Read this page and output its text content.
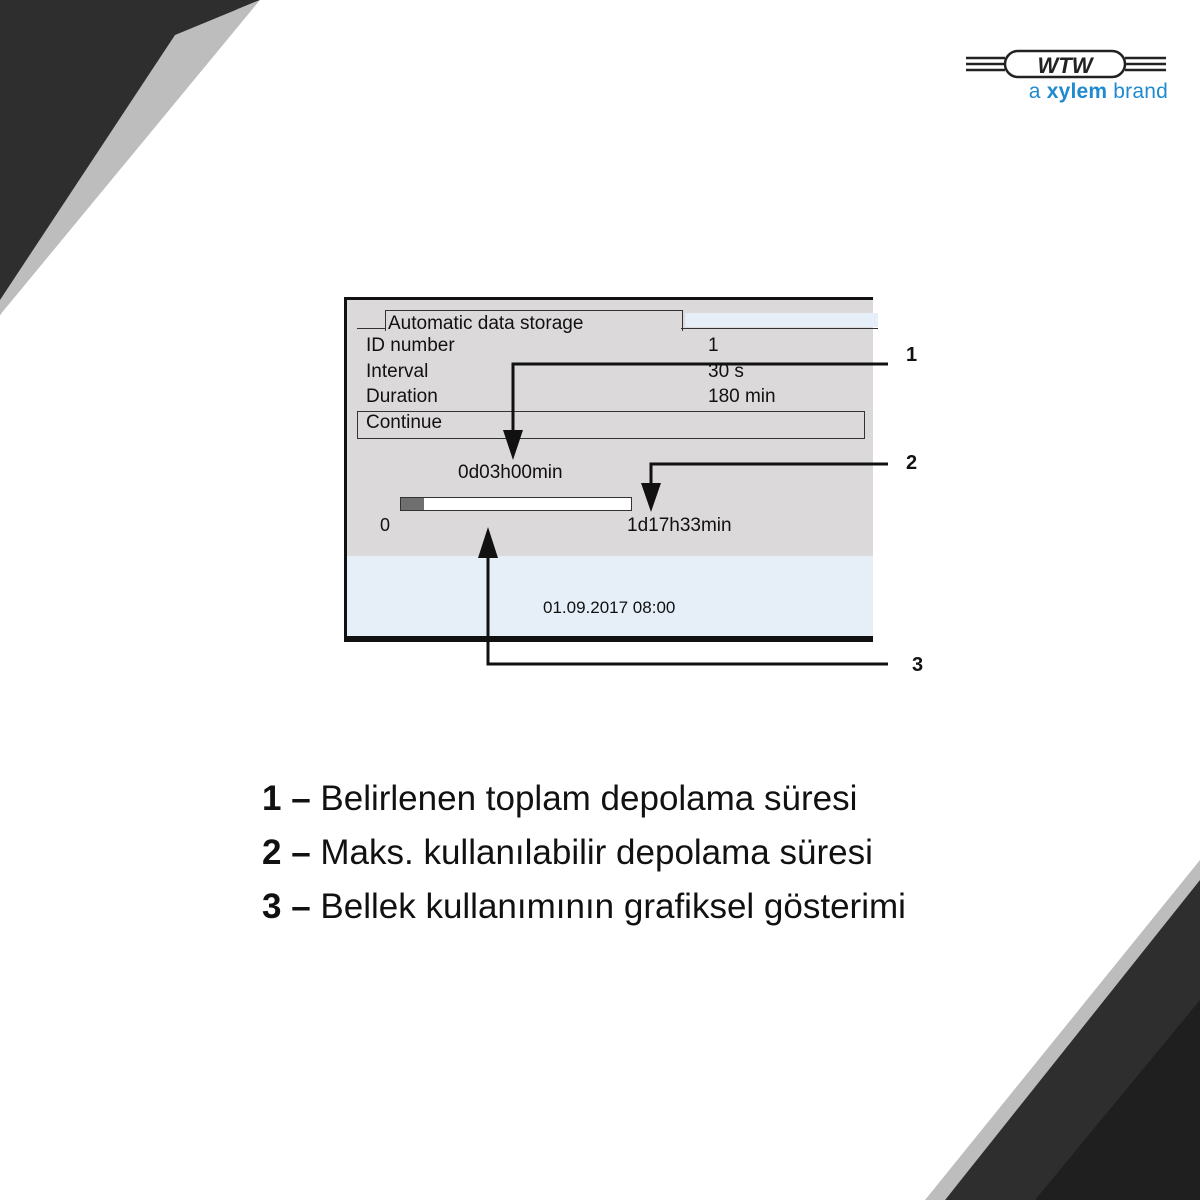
WTW
a xylem brand
Automatic data storage
ID number	1
Interval	30 s
Duration	180 min
Continue
0d03h00min
0	1d17h33min
01.09.2017 08:00
1
2
3
1 – Belirlenen toplam depolama süresi
2 – Maks. kullanılabilir depolama süresi
3 – Bellek kullanımının grafiksel gösterimi
